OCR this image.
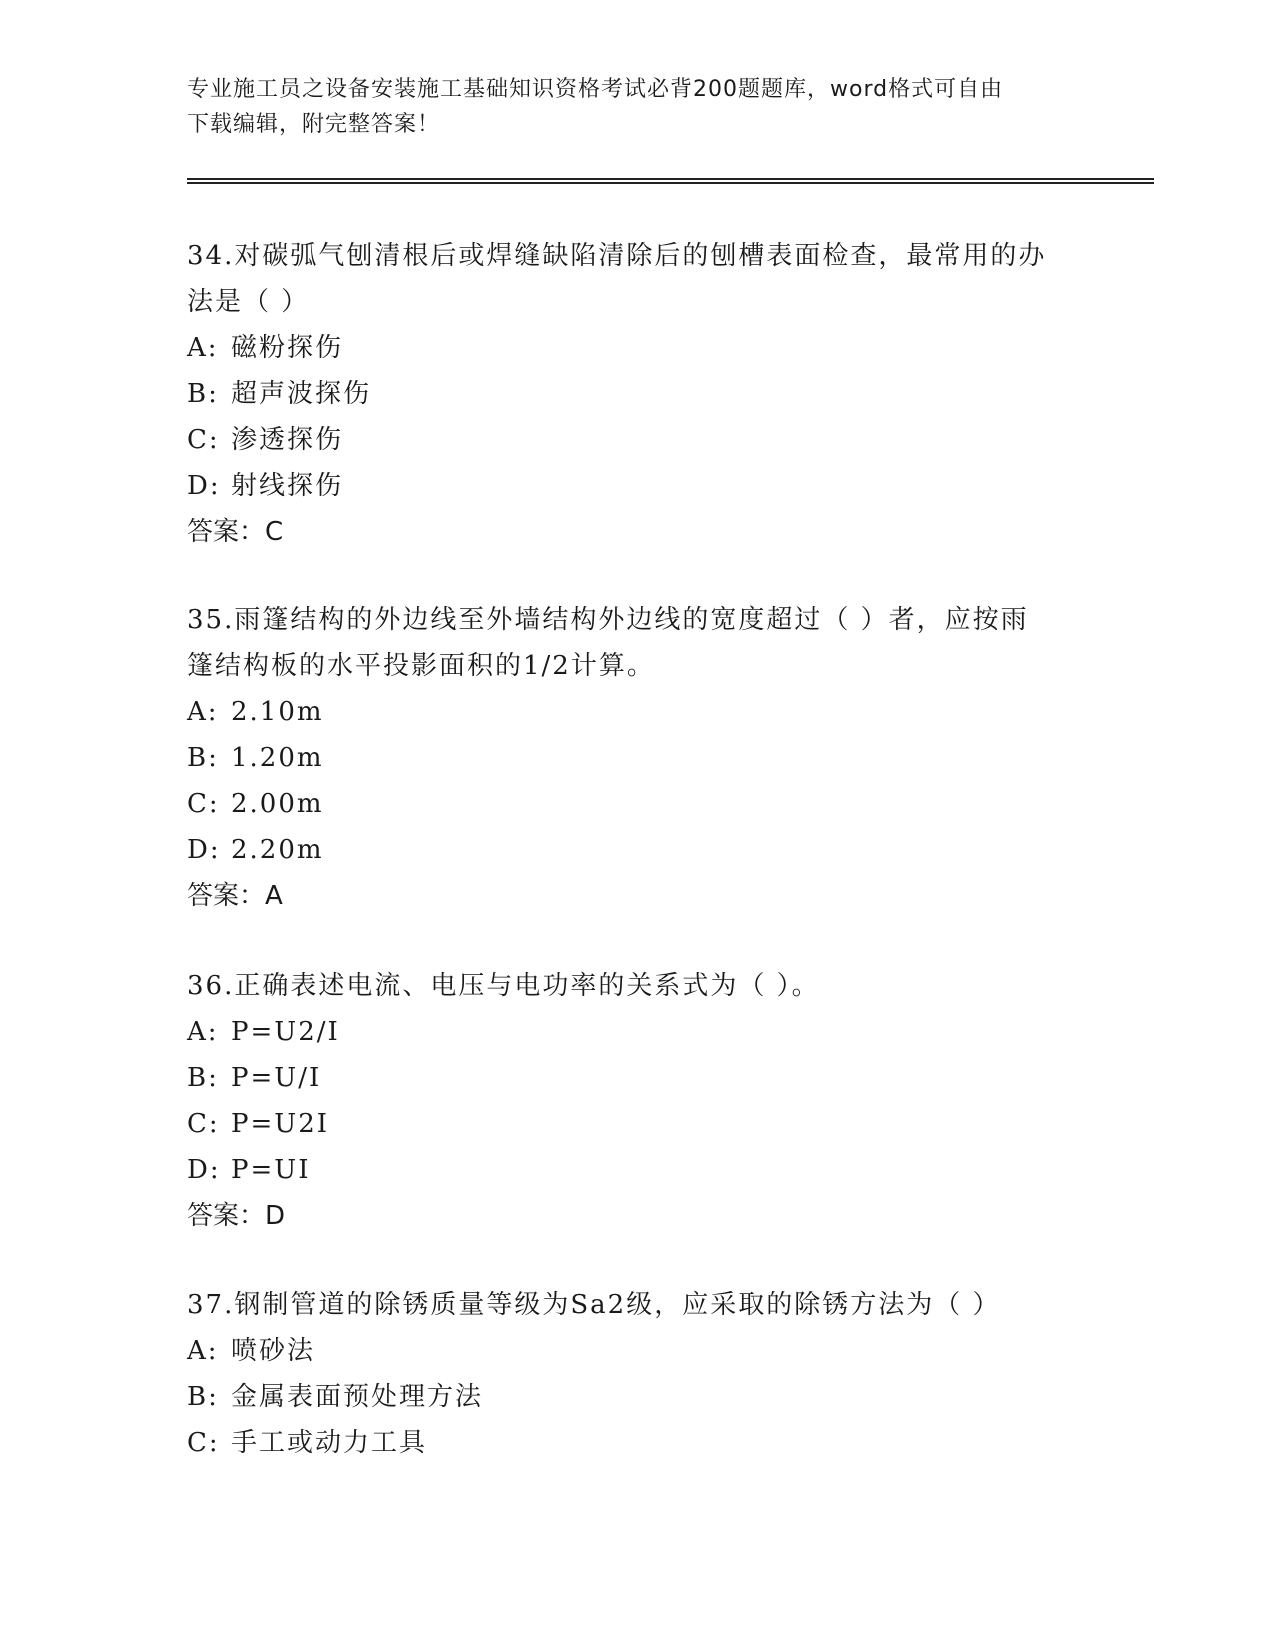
专业施工员之设备安装施工基础知识资格考试必背200题题库，word格式可自由
下载编辑，附完整答案！

34.对碳弧气刨清根后或焊缝缺陷清除后的刨槽表面检查，最常用的办

法是（ ）

A: 磁粉探伤

B: 超声波探伤

C: 渗透探伤

D: 射线探伤

答案：C

35.雨篷结构的外边线至外墙结构外边线的宽度超过（ ）者，应按雨

篷结构板的水平投影面积的1/2计算。

A: 2.10m

B: 1.20m

C: 2.00m

D: 2.20m

答案：A

36.正确表述电流、电压与电功率的关系式为（ ）。

A: P=U2/I

B: P=U/I

C: P=U2I

D: P=UI

答案：D

37.钢制管道的除锈质量等级为Sa2级，应采取的除锈方法为（ ）

A: 喷砂法

B: 金属表面预处理方法

C: 手工或动力工具
